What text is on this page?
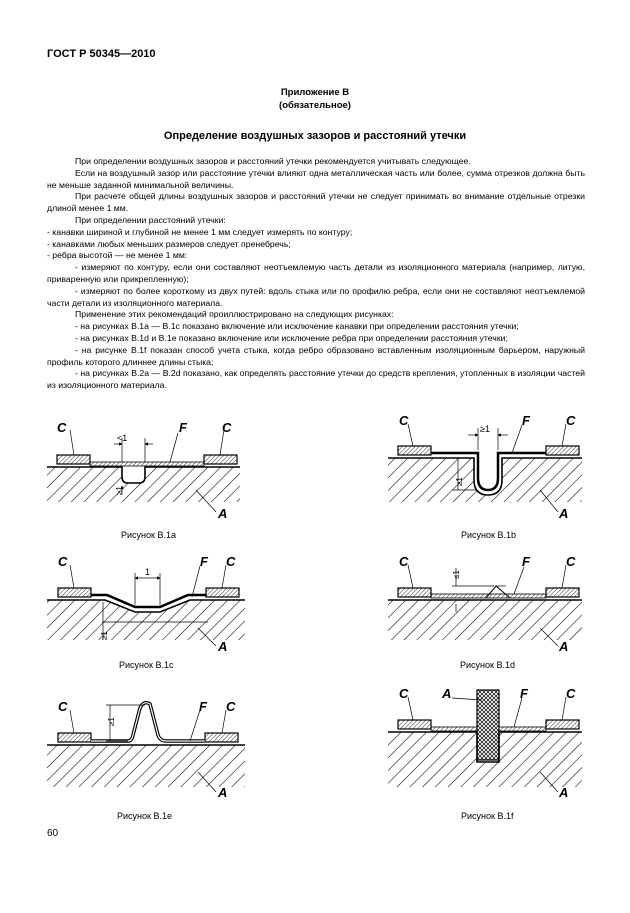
ГОСТ Р 50345—2010
Приложение В
(обязательное)
Определение воздушных зазоров и расстояний утечки

При определении воздушных зазоров и расстояний утечки рекомендуется учитывать следующее.

Если на воздушный зазор или расстояние утечки влияют одна металлическая часть или более, сумма отрезков должна быть не меньше заданной минимальной величины.

При расчете общей длины воздушных зазоров и расстояний утечки не следует принимать во внимание отдельные отрезки длиной менее 1 мм.

При определении расстояний утечки:

- канавки шириной и глубиной не менее 1 мм следует измерять по контуру;

- канавками любых меньших размеров следует пренебречь;

- ребра высотой — не менее 1 мм:

- измеряют по контуру, если они составляют неотъемлемую часть детали из изоляционного материала (например, литую, приваренную или прикрепленную);

- измеряют по более короткому из двух путей: вдоль стыка или по профилю ребра, если они не составляют неотъемлемой части детали из изоляционного материала.

Применение этих рекомендаций проиллюстрировано на следующих рисунках:

- на рисунках В.1а — В.1с показано включение или исключение канавки при определении расстояния утечки;

- на рисунках В.1d и В.1е показано включение или исключение ребра при определении расстояния утечки;

- на рисунке В.1f показан способ учета стыка, когда ребро образовано вставленным изоляционным барьером, наружный профиль которого длиннее длины стыка;

- на рисунках В.2а — В.2d показано, как определять расстояние утечки до средств крепления, утопленных в изоляции частей из изоляционного материала.

<1
≥1
C	C
F
A
Рисунок В.1а
≥1
≥1
C	C
F
A
Рисунок В.1b
1
≥1
C	C
F
A
Рисунок В.1с
≤1
C	C
F
A
Рисунок В.1d
≥1
C	C
F
A
Рисунок В.1е
C	C
A	F
A
Рисунок В.1f
60
